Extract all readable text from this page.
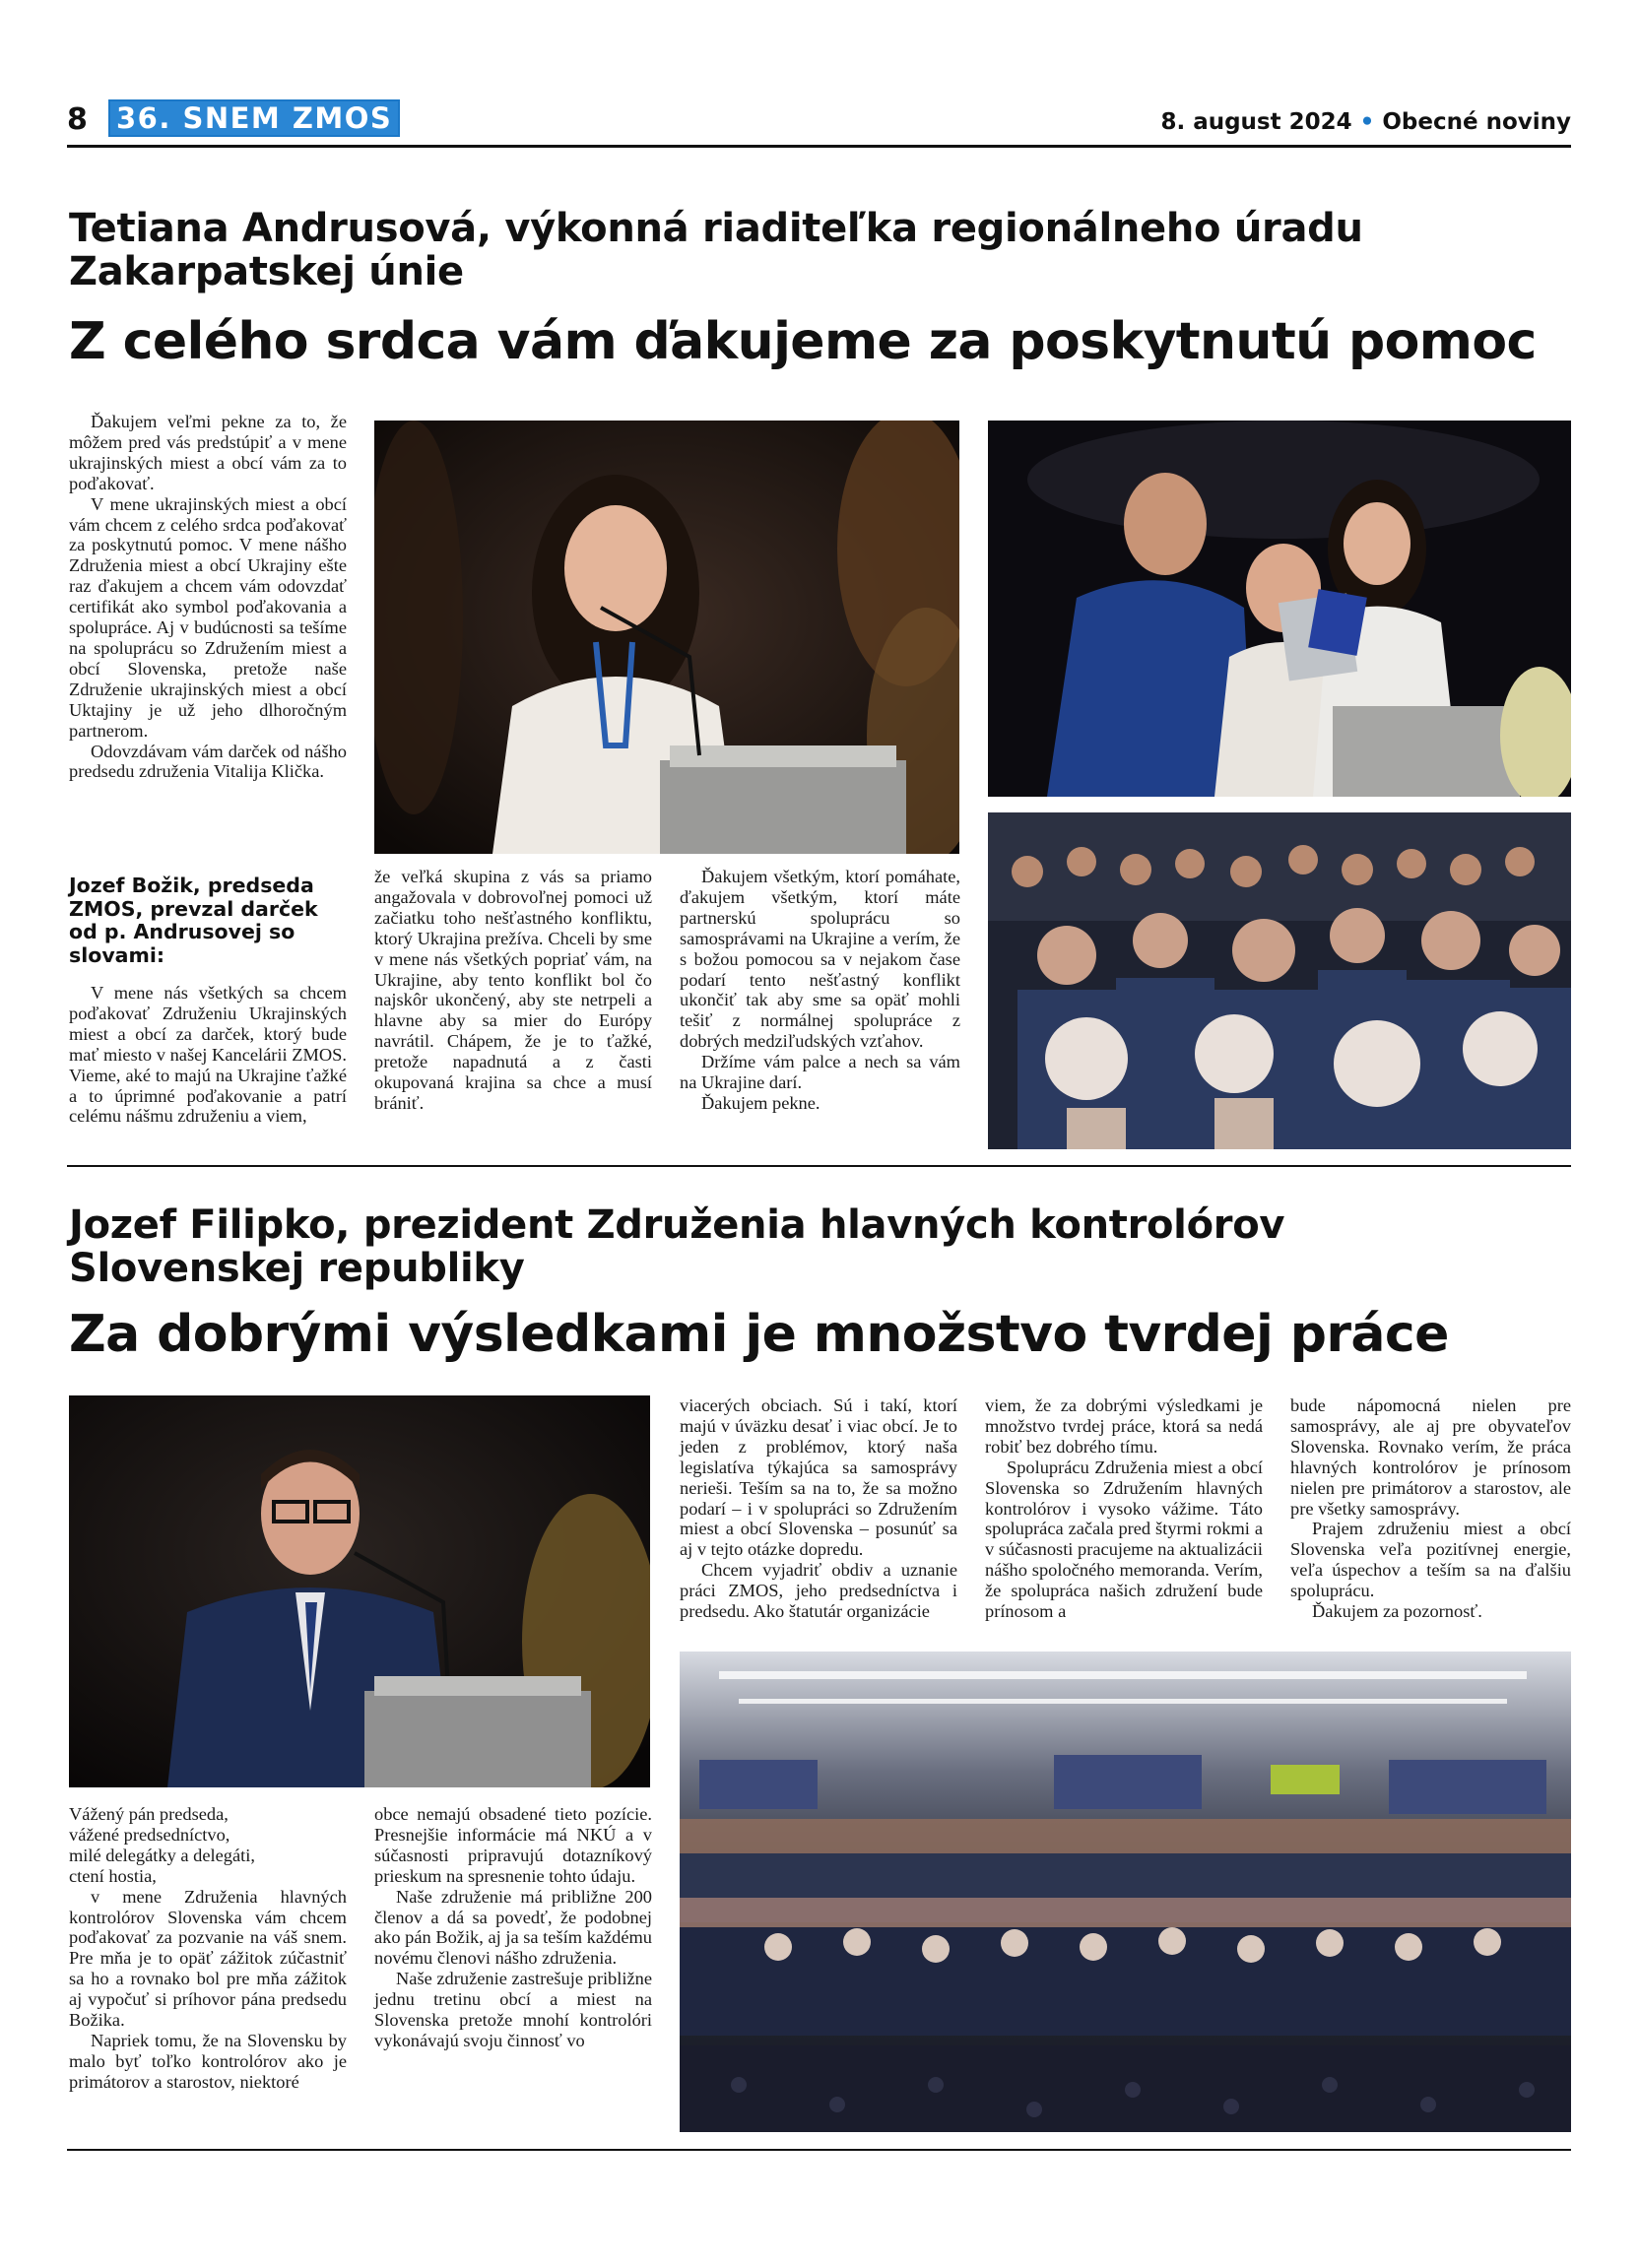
8 36. SNEM ZMOS	8. august 2024 • Obecné noviny
Tetiana Andrusová, výkonná riaditeľka regionálneho úradu
Zakarpatskej únie
Z celého srdca vám ďakujeme za poskytnutú pomoc

Ďakujem veľmi pekne za to, že môžem pred vás predstúpiť a v mene ukrajinských miest a obcí vám za to poďakovať.

V mene ukrajinských miest a obcí vám chcem z celého srdca poďakovať za poskytnutú pomoc. V mene nášho Združenia miest a obcí Ukrajiny ešte raz ďakujem a chcem vám odovzdať certifikát ako symbol poďakovania a spolupráce. Aj v budúcnosti sa tešíme na spoluprácu so Združením miest a obcí Slovenska, pretože naše Združenie ukrajinských miest a obcí Uktajiny je už jeho dlhoročným partnerom.

Odovzdávam vám darček od nášho predsedu združenia Vitalija Klička.

Jozef Božik, predseda ZMOS, prevzal darček od p. Andrusovej so slovami:

V mene nás všetkých sa chcem poďakovať Združeniu Ukrajinských miest a obcí za darček, ktorý bude mať miesto v našej Kancelárii ZMOS. Vieme, aké to majú na Ukrajine ťažké a to úprimné poďakovanie a patrí celému nášmu združeniu a viem,

že veľká skupina z vás sa priamo angažovala v dobrovoľnej pomoci už začiatku toho nešťastného konfliktu, ktorý Ukrajina prežíva. Chceli by sme v mene nás všetkých popriať vám, na Ukrajine, aby tento konflikt bol čo najskôr ukončený, aby ste netrpeli a hlavne aby sa mier do Európy navrátil. Chápem, že je to ťažké, pretože napadnutá a z časti okupovaná krajina sa chce a musí brániť.

Ďakujem všetkým, ktorí pomáhate, ďakujem všetkým, ktorí máte partnerskú spoluprácu so samosprávami na Ukrajine a verím, že s božou pomocou sa v nejakom čase podarí tento nešťastný konflikt ukončiť tak aby sme sa opäť mohli tešiť z normálnej spolupráce z dobrých medziľudských vzťahov.

Držíme vám palce a nech sa vám na Ukrajine darí.

Ďakujem pekne.

Jozef Filipko, prezident Združenia hlavných kontrolórov
Slovenskej republiky
Za dobrými výsledkami je množstvo tvrdej práce

Vážený pán predseda,

vážené predsedníctvo,

milé delegátky a delegáti,

ctení hostia,

v mene Združenia hlavných kontrolórov Slovenska vám chcem poďakovať za pozvanie na váš snem. Pre mňa je to opäť zážitok zúčastniť sa ho a rovnako bol pre mňa zážitok aj vypočuť si príhovor pána predsedu Božika.

Napriek tomu, že na Slovensku by malo byť toľko kontrolórov ako je primátorov a starostov, niektoré

obce nemajú obsadené tieto pozície. Presnejšie informácie má NKÚ a v súčasnosti pripravujú dotazníkový prieskum na spresnenie tohto údaju.

Naše združenie má približne 200 členov a dá sa povedť, že podobnej ako pán Božik, aj ja sa teším každému novému členovi nášho združenia.

Naše združenie zastrešuje približne jednu tretinu obcí a miest na Slovenska pretože mnohí kontrolóri vykonávajú svoju činnosť vo

viacerých obciach. Sú i takí, ktorí majú v úväzku desať i viac obcí. Je to jeden z problémov, ktorý naša legislatíva týkajúca sa samosprávy nerieši. Teším sa na to, že sa možno podarí – i v spolupráci so Združením miest a obcí Slovenska – posunúť sa aj v tejto otázke dopredu.

Chcem vyjadriť obdiv a uznanie práci ZMOS, jeho predsedníctva i predsedu. Ako štatutár organizácie

viem, že za dobrými výsledkami je množstvo tvrdej práce, ktorá sa nedá robiť bez dobrého tímu.

Spoluprácu Združenia miest a obcí Slovenska so Združením hlavných kontrolórov i vysoko vážime. Táto spolupráca začala pred štyrmi rokmi a v súčasnosti pracujeme na aktualizácii nášho spoločného memoranda. Verím, že spolupráca našich združení bude prínosom a

bude nápomocná nielen pre samosprávy, ale aj pre obyvateľov Slovenska. Rovnako verím, že práca hlavných kontrolórov je prínosom nielen pre primátorov a starostov, ale pre všetky samosprávy.

Prajem združeniu miest a obcí Slovenska veľa pozitívnej energie, veľa úspechov a teším sa na ďalšiu spoluprácu.

Ďakujem za pozornosť.
